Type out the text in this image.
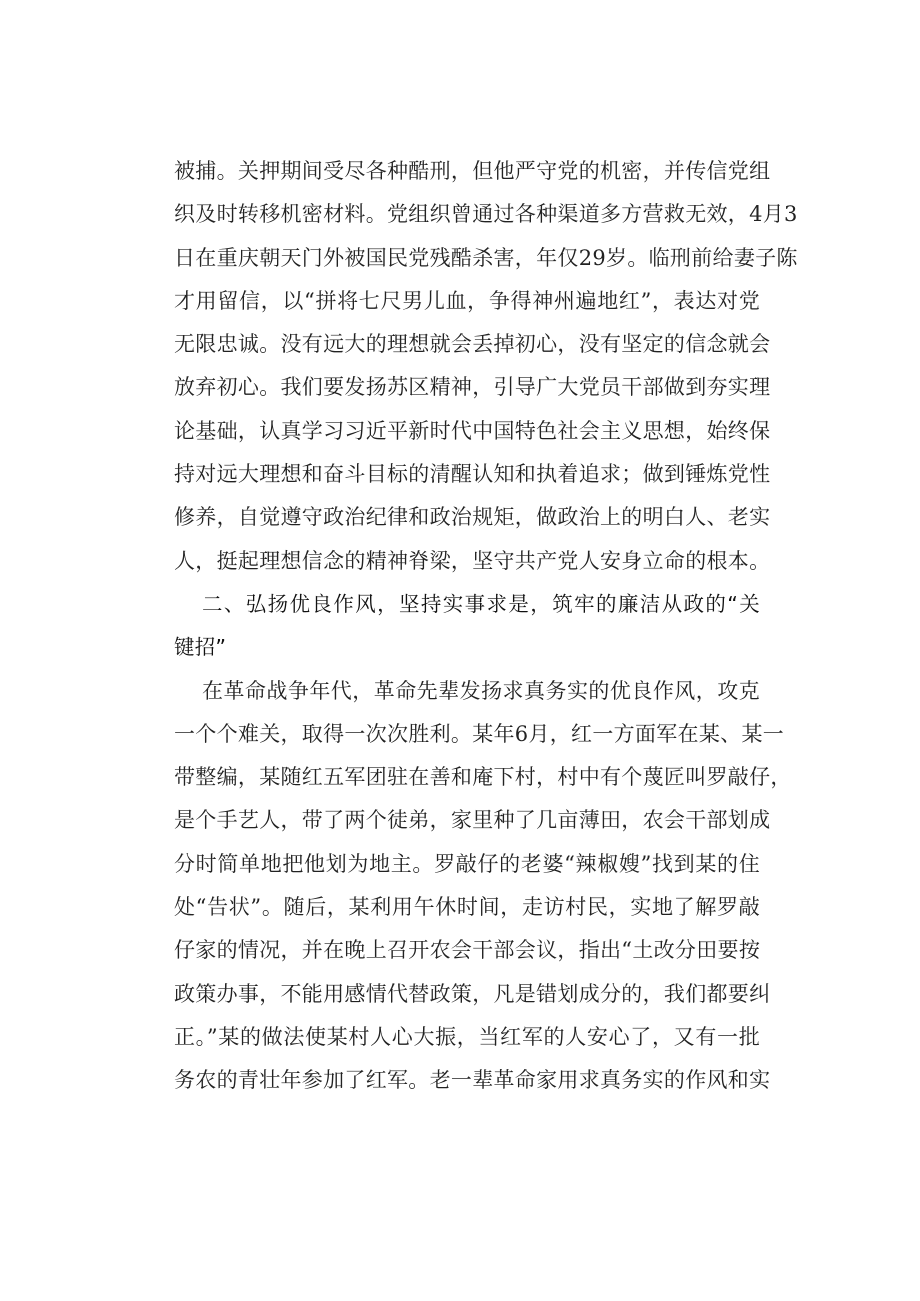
被捕。关押期间受尽各种酷刑，但他严守党的机密，并传信党组
织及时转移机密材料。党组织曾通过各种渠道多方营救无效，4月3
日在重庆朝天门外被国民党残酷杀害，年仅29岁。临刑前给妻子陈
才用留信，以“拼将七尺男儿血，争得神州遍地红”，表达对党
无限忠诚。没有远大的理想就会丢掉初心，没有坚定的信念就会
放弃初心。我们要发扬苏区精神，引导广大党员干部做到夯实理
论基础，认真学习习近平新时代中国特色社会主义思想，始终保
持对远大理想和奋斗目标的清醒认知和执着追求；做到锤炼党性
修养，自觉遵守政治纪律和政治规矩，做政治上的明白人、老实
人，挺起理想信念的精神脊梁，坚守共产党人安身立命的根本。
二、弘扬优良作风，坚持实事求是，筑牢的廉洁从政的“关
键招”
在革命战争年代，革命先辈发扬求真务实的优良作风，攻克
一个个难关，取得一次次胜利。某年6月，红一方面军在某、某一
带整编，某随红五军团驻在善和庵下村，村中有个蔑匠叫罗敲仔，
是个手艺人，带了两个徒弟，家里种了几亩薄田，农会干部划成
分时简单地把他划为地主。罗敲仔的老婆“辣椒嫂”找到某的住
处“告状”。随后，某利用午休时间，走访村民，实地了解罗敲
仔家的情况，并在晚上召开农会干部会议，指出“土改分田要按
政策办事，不能用感情代替政策，凡是错划成分的，我们都要纠
正。”某的做法使某村人心大振，当红军的人安心了，又有一批
务农的青壮年参加了红军。老一辈革命家用求真务实的作风和实
